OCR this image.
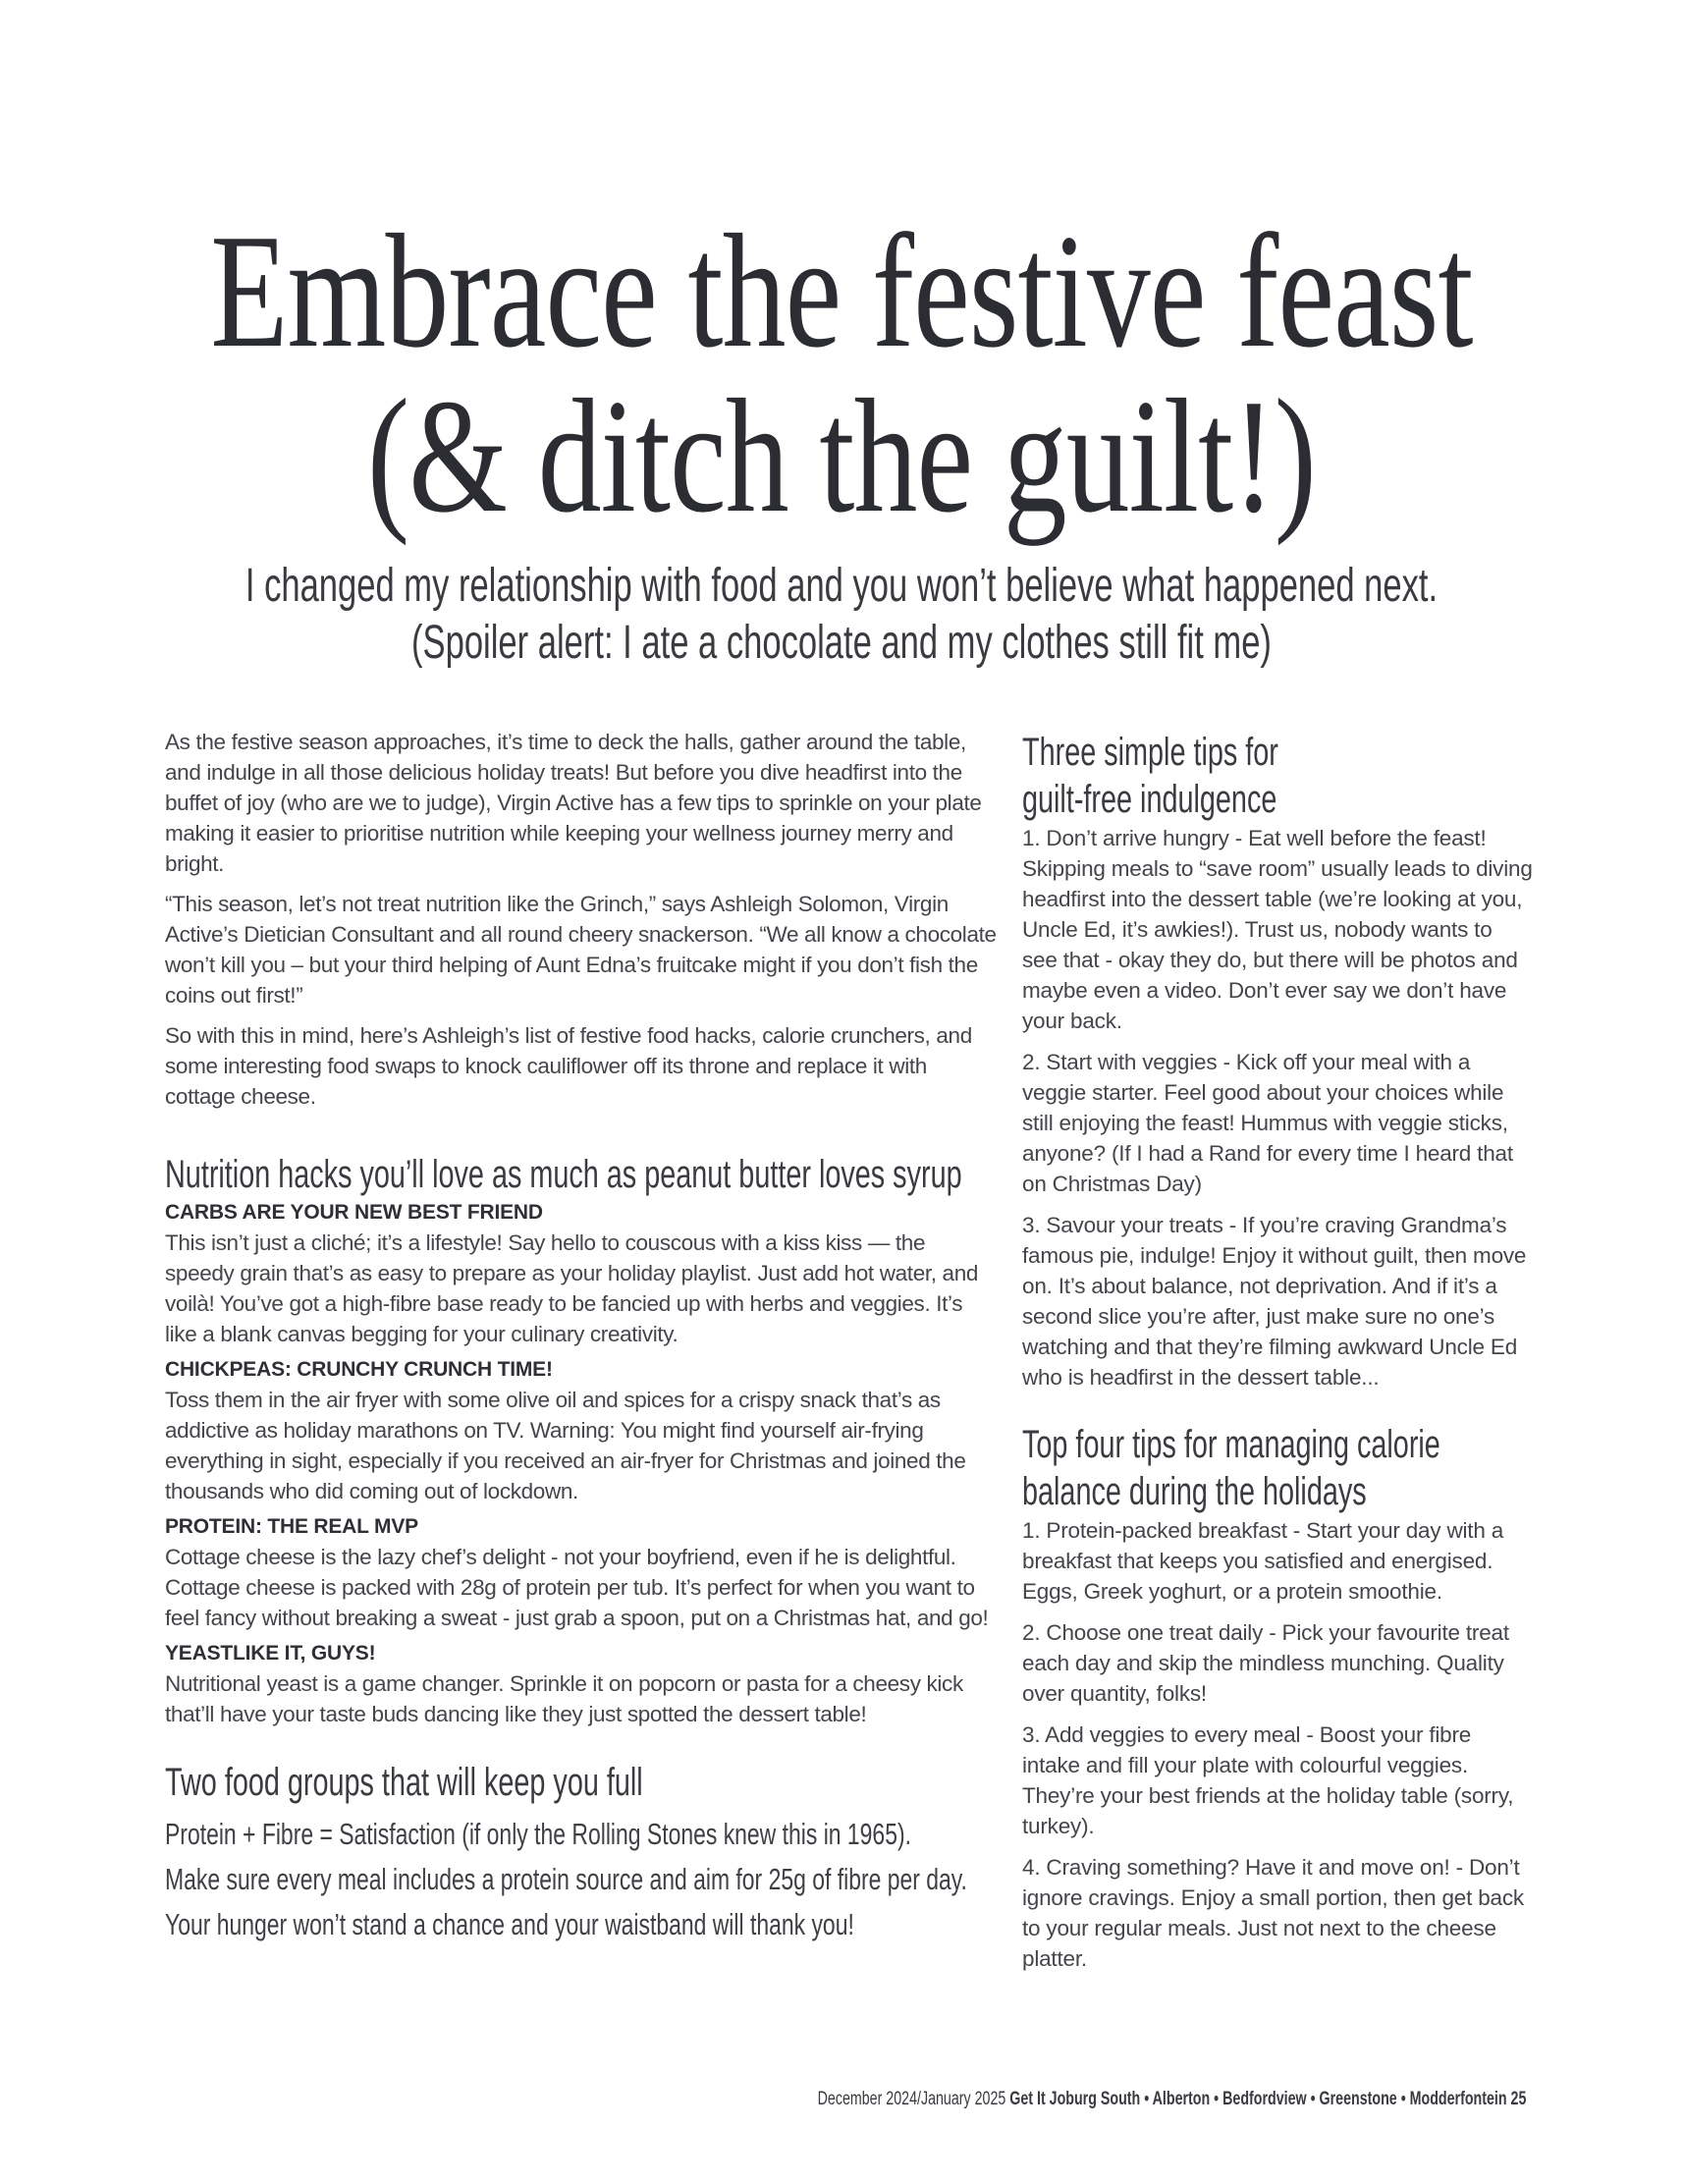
Embrace the festive feast
(& ditch the guilt!)
I changed my relationship with food and you won’t believe what happened next.
(Spoiler alert: I ate a chocolate and my clothes still fit me)

As the festive season approaches, it’s time to deck the halls, gather around the table, and indulge in all those delicious holiday treats! But before you dive headfirst into the buffet of joy (who are we to judge), Virgin Active has a few tips to sprinkle on your plate making it easier to prioritise nutrition while keeping your wellness journey merry and bright.

“This season, let’s not treat nutrition like the Grinch,” says Ashleigh Solomon, Virgin Active’s Dietician Consultant and all round cheery snackerson. “We all know a chocolate won’t kill you – but your third helping of Aunt Edna’s fruitcake might if you don’t fish the coins out first!”

So with this in mind, here’s Ashleigh’s list of festive food hacks, calorie crunchers, and some interesting food swaps to knock cauliflower off its throne and replace it with cottage cheese.

Nutrition hacks you’ll love as much as peanut butter loves syrup
CARBS ARE YOUR NEW BEST FRIEND

This isn’t just a cliché; it’s a lifestyle! Say hello to couscous with a kiss kiss — the speedy grain that’s as easy to prepare as your holiday playlist. Just add hot water, and voilà! You’ve got a high-fibre base ready to be fancied up with herbs and veggies. It’s like a blank canvas begging for your culinary creativity.

CHICKPEAS: CRUNCHY CRUNCH TIME!

Toss them in the air fryer with some olive oil and spices for a crispy snack that’s as addictive as holiday marathons on TV. Warning: You might find yourself air-frying everything in sight, especially if you received an air-fryer for Christmas and joined the thousands who did coming out of lockdown.

PROTEIN: THE REAL MVP

Cottage cheese is the lazy chef’s delight - not your boyfriend, even if he is delightful. Cottage cheese is packed with 28g of protein per tub. It’s perfect for when you want to feel fancy without breaking a sweat - just grab a spoon, put on a Christmas hat, and go!

YEASTLIKE IT, GUYS!

Nutritional yeast is a game changer. Sprinkle it on popcorn or pasta for a cheesy kick that’ll have your taste buds dancing like they just spotted the dessert table!

Two food groups that will keep you full

Protein + Fibre = Satisfaction (if only the Rolling Stones knew this in 1965).

Make sure every meal includes a protein source and aim for 25g of fibre per day.

Your hunger won’t stand a chance and your waistband will thank you!

Three simple tips for
guilt-free indulgence

1. Don’t arrive hungry - Eat well before the feast! Skipping meals to “save room” usually leads to diving headfirst into the dessert table (we’re looking at you, Uncle Ed, it’s awkies!). Trust us, nobody wants to see that - okay they do, but there will be photos and maybe even a video. Don’t ever say we don’t have your back.

2. Start with veggies - Kick off your meal with a veggie starter. Feel good about your choices while still enjoying the feast! Hummus with veggie sticks, anyone? (If I had a Rand for every time I heard that on Christmas Day)

3. Savour your treats - If you’re craving Grandma’s famous pie, indulge! Enjoy it without guilt, then move on. It’s about balance, not deprivation. And if it’s a second slice you’re after, just make sure no one’s watching and that they’re filming awkward Uncle Ed who is headfirst in the dessert table...

Top four tips for managing calorie
balance during the holidays

1. Protein-packed breakfast - Start your day with a breakfast that keeps you satisfied and energised. Eggs, Greek yoghurt, or a protein smoothie.

2. Choose one treat daily - Pick your favourite treat each day and skip the mindless munching. Quality over quantity, folks!

3. Add veggies to every meal - Boost your fibre intake and fill your plate with colourful veggies. They’re your best friends at the holiday table (sorry, turkey).

4. Craving something? Have it and move on! - Don’t ignore cravings. Enjoy a small portion, then get back to your regular meals. Just not next to the cheese platter.

December 2024/January 2025 Get It Joburg South • Alberton • Bedfordview • Greenstone • Modderfontein 25
